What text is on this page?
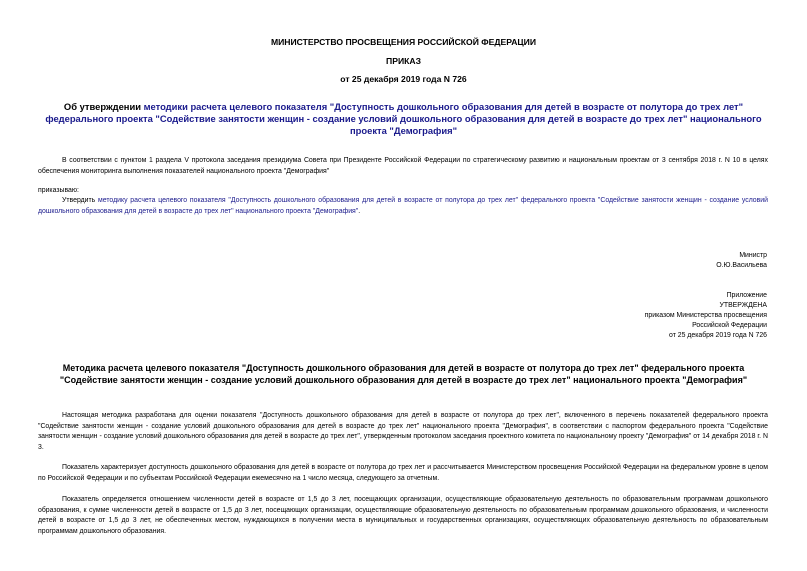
МИНИСТЕРСТВО ПРОСВЕЩЕНИЯ РОССИЙСКОЙ ФЕДЕРАЦИИ
ПРИКАЗ
от 25 декабря 2019 года N 726
Об утверждении методики расчета целевого показателя "Доступность дошкольного образования для детей в возрасте от полутора до трех лет" федерального проекта "Содействие занятости женщин - создание условий дошкольного образования для детей в возрасте до трех лет" национального проекта "Демография"

В соответствии с пунктом 1 раздела V протокола заседания президиума Совета при Президенте Российской Федерации по стратегическому развитию и национальным проектам от 3 сентября 2018 г. N 10 в целях обеспечения мониторинга выполнения показателей национального проекта "Демография"

приказываю:

Утвердить методику расчета целевого показателя "Доступность дошкольного образования для детей в возрасте от полутора до трех лет" федерального проекта "Содействие занятости женщин - создание условий дошкольного образования для детей в возрасте до трех лет" национального проекта "Демография".

Министр
О.Ю.Васильева
Приложение
УТВЕРЖДЕНА
приказом Министерства просвещения
Российской Федерации
от 25 декабря 2019 года N 726
Методика расчета целевого показателя "Доступность дошкольного образования для детей в возрасте от полутора до трех лет" федерального проекта
"Содействие занятости женщин - создание условий дошкольного образования для детей в возрасте до трех лет" национального проекта "Демография"

Настоящая методика разработана для оценки показателя "Доступность дошкольного образования для детей в возрасте от полутора до трех лет", включенного в перечень показателей федерального проекта "Содействие занятости женщин - создание условий дошкольного образования для детей в возрасте до трех лет" национального проекта "Демография", в соответствии с паспортом федерального проекта "Содействие занятости женщин - создание условий дошкольного образования для детей в возрасте до трех лет", утвержденным протоколом заседания проектного комитета по национальному проекту "Демография" от 14 декабря 2018 г. N 3.

Показатель характеризует доступность дошкольного образования для детей в возрасте от полутора до трех лет и рассчитывается Министерством просвещения Российской Федерации на федеральном уровне в целом по Российской Федерации и по субъектам Российской Федерации ежемесячно на 1 число месяца, следующего за отчетным.

Показатель определяется отношением численности детей в возрасте от 1,5 до 3 лет, посещающих организации, осуществляющие образовательную деятельность по образовательным программам дошкольного образования, к сумме численности детей в возрасте от 1,5 до 3 лет, посещающих организации, осуществляющие образовательную деятельность по образовательным программам дошкольного образования, и численности детей в возрасте от 1,5 до 3 лет, не обеспеченных местом, нуждающихся в получении места в муниципальных и государственных организациях, осуществляющих образовательную деятельность по образовательным программам дошкольного образования.
